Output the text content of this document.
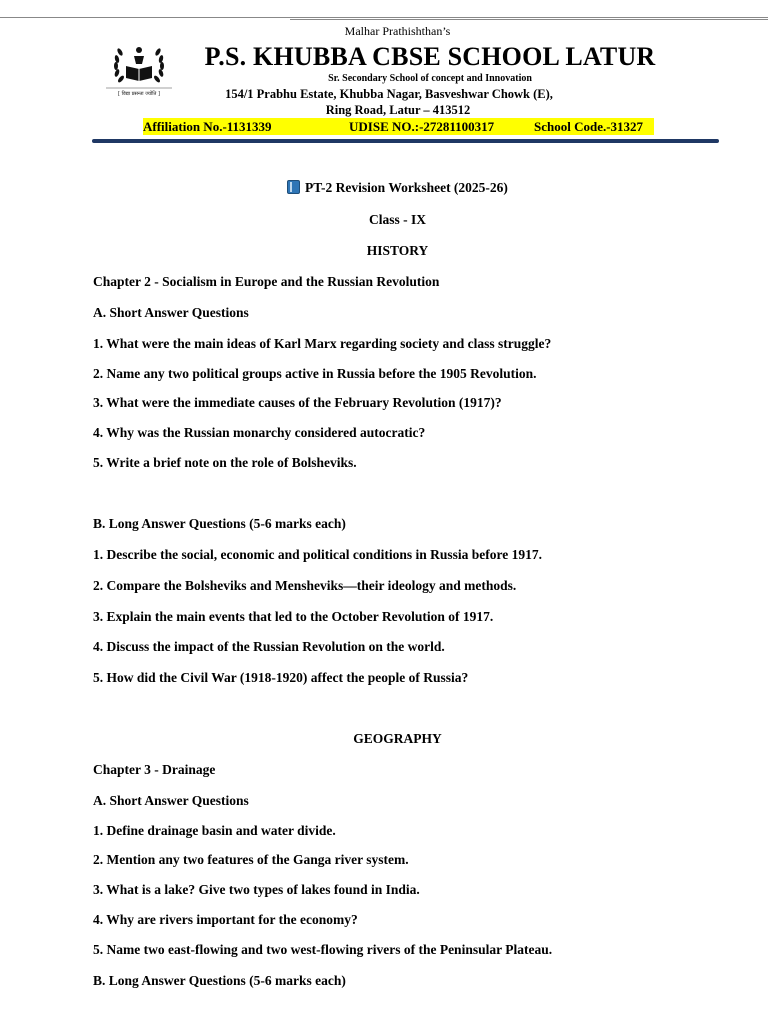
Malhar Prathishthan’s
[ विद्या प्रसन्ता ज्योति ]
P.S. KHUBBA CBSE SCHOOL LATUR
Sr. Secondary School of concept and Innovation
154/1 Prabhu Estate, Khubba Nagar, Basveshwar Chowk (E),
Ring Road, Latur – 413512

Affiliation No.-1131339

	UDISE NO.:-27281100317

	School Code.-31327

PT-2 Revision Worksheet (2025-26)
Class - IX
HISTORY
Chapter 2 - Socialism in Europe and the Russian Revolution
A. Short Answer Questions
1. What were the main ideas of Karl Marx regarding society and class struggle?
2. Name any two political groups active in Russia before the 1905 Revolution.
3. What were the immediate causes of the February Revolution (1917)?
4. Why was the Russian monarchy considered autocratic?
5. Write a brief note on the role of Bolsheviks.
B. Long Answer Questions (5-6 marks each)
1. Describe the social, economic and political conditions in Russia before 1917.
2. Compare the Bolsheviks and Mensheviks—their ideology and methods.
3. Explain the main events that led to the October Revolution of 1917.
4. Discuss the impact of the Russian Revolution on the world.
5. How did the Civil War (1918-1920) affect the people of Russia?
GEOGRAPHY
Chapter 3 - Drainage
A. Short Answer Questions
1. Define drainage basin and water divide.
2. Mention any two features of the Ganga river system.
3. What is a lake? Give two types of lakes found in India.
4. Why are rivers important for the economy?
5. Name two east-flowing and two west-flowing rivers of the Peninsular Plateau.
B. Long Answer Questions (5-6 marks each)
